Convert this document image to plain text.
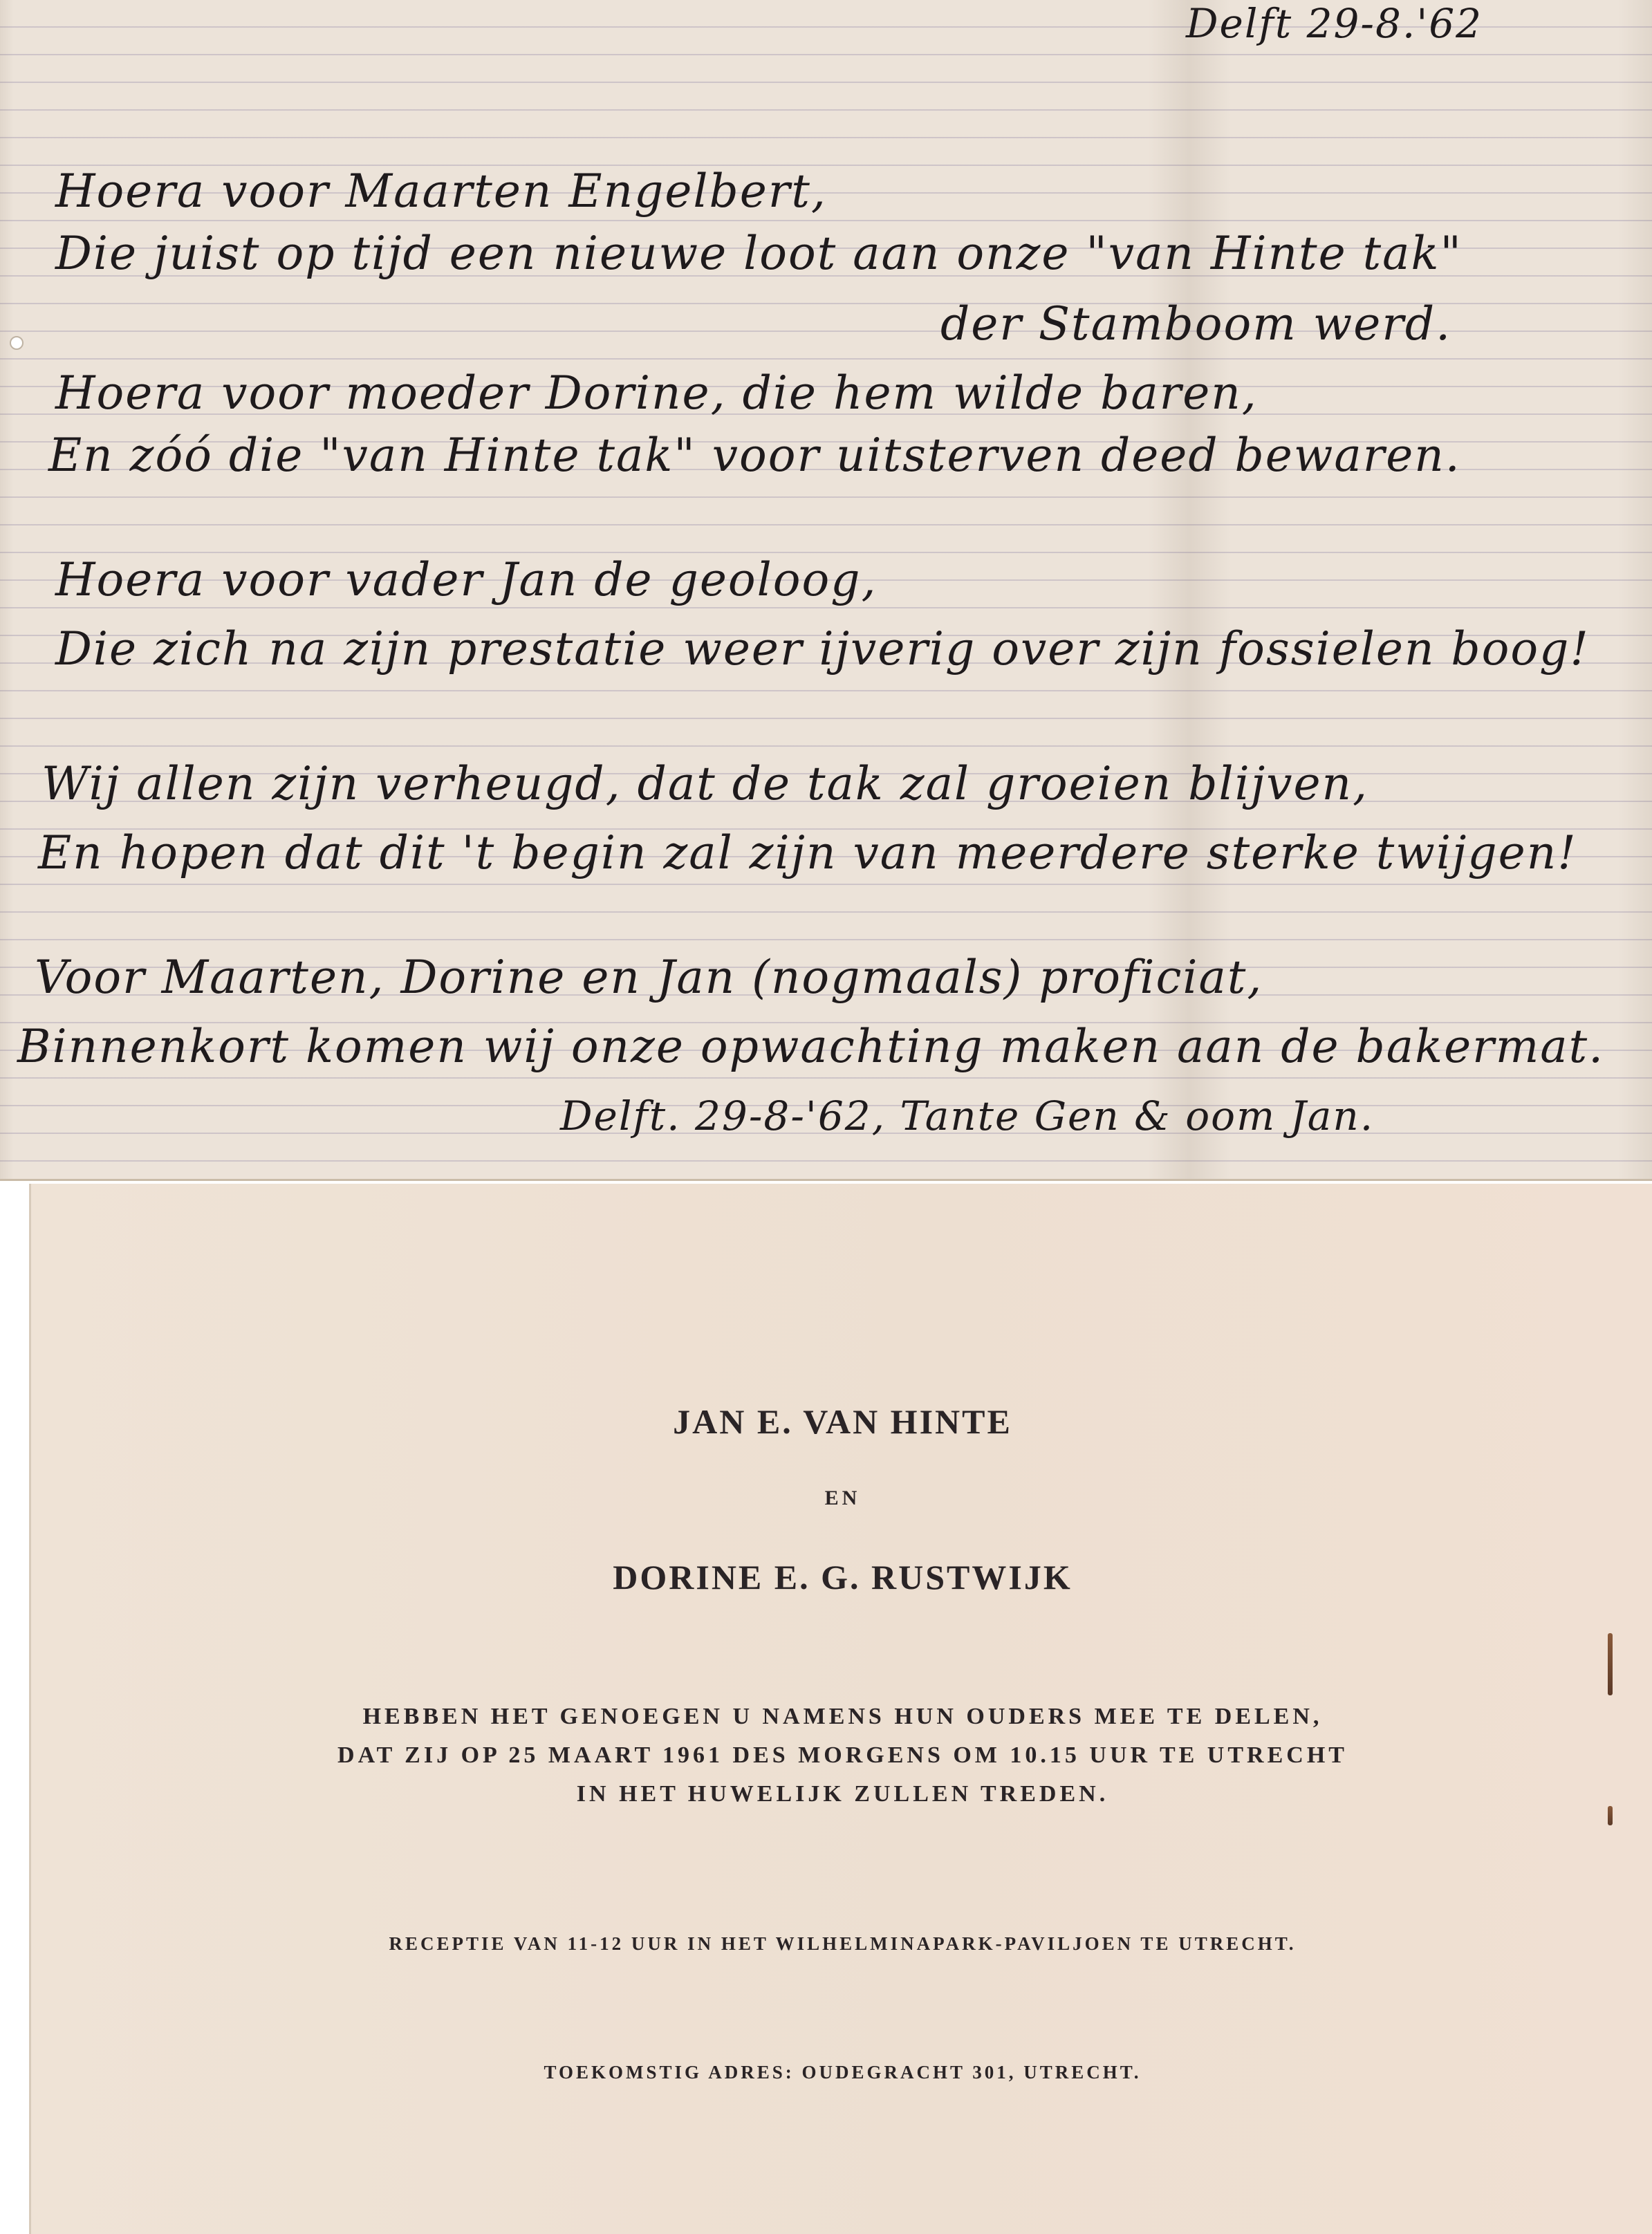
Delft 29-8.'62
Hoera voor Maarten Engelbert,
Die juist op tijd een nieuwe loot aan onze "van Hinte tak"
der Stamboom werd.
Hoera voor moeder Dorine, die hem wilde baren,
En zóó die "van Hinte tak" voor uitsterven deed bewaren.
Hoera voor vader Jan de geoloog,
Die zich na zijn prestatie weer ijverig over zijn fossielen boog!
Wij allen zijn verheugd, dat de tak zal groeien blijven,
En hopen dat dit 't begin zal zijn van meerdere sterke twijgen!
Voor Maarten, Dorine en Jan (nogmaals) proficiat,
Binnenkort komen wij onze opwachting maken aan de bakermat.
Delft. 29-8-'62, Tante Gen & oom Jan.
JAN E. VAN HINTE
EN
DORINE E. G. RUSTWIJK
HEBBEN HET GENOEGEN U NAMENS HUN OUDERS MEE TE DELEN,
DAT ZIJ OP 25 MAART 1961 DES MORGENS OM 10.15 UUR TE UTRECHT
IN HET HUWELIJK ZULLEN TREDEN.
RECEPTIE VAN 11-12 UUR IN HET WILHELMINAPARK-PAVILJOEN TE UTRECHT.
TOEKOMSTIG ADRES: OUDEGRACHT 301, UTRECHT.
